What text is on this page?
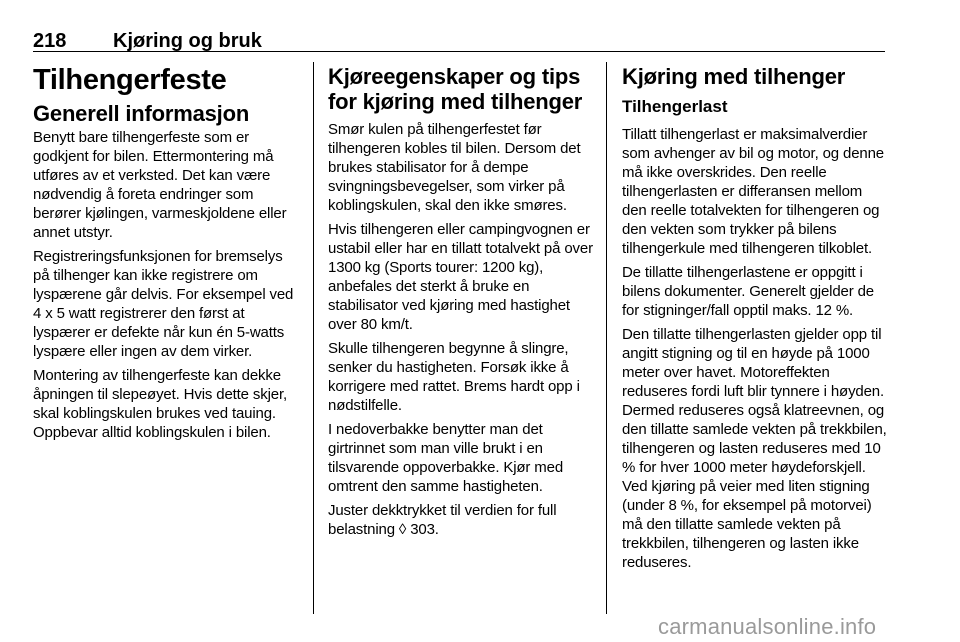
218 Kjøring og bruk
Tilhengerfeste
Generell informasjon

Benytt bare tilhengerfeste som er godkjent for bilen. Ettermontering må utføres av et verksted. Det kan være nødvendig å foreta endringer som berører kjølingen, varmeskjoldene eller annet utstyr.

Registreringsfunksjonen for bremselys på tilhenger kan ikke registrere om lyspærene går delvis. For eksempel ved 4 x 5 watt registrerer den først at lyspærer er defekte når kun én 5-watts lyspære eller ingen av dem virker.

Montering av tilhengerfeste kan dekke åpningen til slepeøyet. Hvis dette skjer, skal koblingskulen brukes ved tauing. Oppbevar alltid koblingskulen i bilen.

Kjøreegenskaper og tips for kjøring med tilhenger

Smør kulen på tilhengerfestet før tilhengeren kobles til bilen. Dersom det brukes stabilisator for å dempe svingningsbevegelser, som virker på koblingskulen, skal den ikke smøres.

Hvis tilhengeren eller campingvognen er ustabil eller har en tillatt totalvekt på over 1300 kg (Sports tourer: 1200 kg), anbefales det sterkt å bruke en stabilisator ved kjøring med hastighet over 80 km/t.

Skulle tilhengeren begynne å slingre, senker du hastigheten. Forsøk ikke å korrigere med rattet. Brems hardt opp i nødstilfelle.

I nedoverbakke benytter man det girtrinnet som man ville brukt i en tilsvarende oppoverbakke. Kjør med omtrent den samme hastigheten.

Juster dekktrykket til verdien for full belastning ◊ 303.

Kjøring med tilhenger
Tilhengerlast

Tillatt tilhengerlast er maksimalverdier som avhenger av bil og motor, og denne må ikke overskrides. Den reelle tilhengerlasten er differansen mellom den reelle totalvekten for tilhengeren og den vekten som trykker på bilens tilhengerkule med tilhengeren tilkoblet.

De tillatte tilhengerlastene er oppgitt i bilens dokumenter. Generelt gjelder de for stigninger/fall opptil maks. 12 %.

Den tillatte tilhengerlasten gjelder opp til angitt stigning og til en høyde på 1000 meter over havet. Motoreffekten reduseres fordi luft blir tynnere i høyden. Dermed reduseres også klatreevnen, og den tillatte samlede vekten på trekkbilen, tilhengeren og lasten reduseres med 10 % for hver 1000 meter høydeforskjell. Ved kjøring på veier med liten stigning (under 8 %, for eksempel på motorvei) må den tillatte samlede vekten på trekkbilen, tilhengeren og lasten ikke reduseres.

carmanualsonline.info
